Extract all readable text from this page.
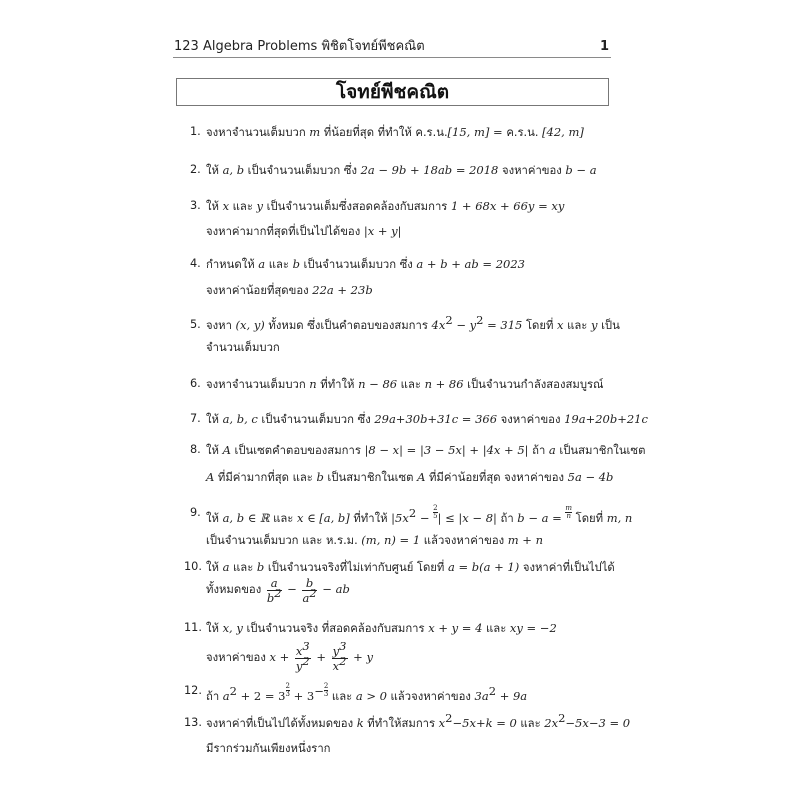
123 Algebra Problems พิชิตโจทย์พีชคณิต	1
โจทย์พีชคณิต
1. จงหาจำนวนเต็มบวก m ที่น้อยที่สุด ที่ทำให้ ค.ร.น.[15, m] = ค.ร.น. [42, m]
2. ให้ a, b เป็นจำนวนเต็มบวก ซึ่ง 2a − 9b + 18ab = 2018 จงหาค่าของ b − a
3. ให้ x และ y เป็นจำนวนเต็มซึ่งสอดคล้องกับสมการ 1 + 68x + 66y = xy
จงหาค่ามากที่สุดที่เป็นไปได้ของ |x + y|
4. กำหนดให้ a และ b เป็นจำนวนเต็มบวก ซึ่ง a + b + ab = 2023
จงหาค่าน้อยที่สุดของ 22a + 23b
5. จงหา (x, y) ทั้งหมด ซึ่งเป็นคำตอบของสมการ $4x^2 - y^2 = 315$ โดยที่ x และ y เป็น
จำนวนเต็มบวก
6. จงหาจำนวนเต็มบวก n ที่ทำให้ n − 86 และ n + 86 เป็นจำนวนกำลังสองสมบูรณ์
7. ให้ a, b, c เป็นจำนวนเต็มบวก ซึ่ง 29a+30b+31c = 366 จงหาค่าของ 19a+20b+21c
8. ให้ A เป็นเซตคำตอบของสมการ |8 − x| = |3 − 5x| + |4x + 5| ถ้า a เป็นสมาชิกในเซต
A ที่มีค่ามากที่สุด และ b เป็นสมาชิกในเซต A ที่มีค่าน้อยที่สุด จงหาค่าของ 5a − 4b
9. ให้ a, b ∈ ℝ และ x ∈ [a, b] ที่ทำให้ $|5x^2 - \frac{2}{5}$ | ≤ |x − 8| ถ้า $b - a = \frac{m}{n}$ โดยที่ m, n
เป็นจำนวนเต็มบวก และ ห.ร.ม. (m, n) = 1 แล้วจงหาค่าของ m + n
10. ให้ a และ b เป็นจำนวนจริงที่ไม่เท่ากับศูนย์ โดยที่ a = b(a + 1) จงหาค่าที่เป็นไปได้
ทั้งหมดของ $\frac{a}{b^2} - \frac{b}{a^2}$ − ab
11. ให้ x, y เป็นจำนวนจริง ที่สอดคล้องกับสมการ x + y = 4 และ xy = −2
จงหาค่าของ $x + \frac{x^3}{y^2} + \frac{y^3}{x^2} + y$
12. ถ้า $a^2 + 2 = 3 \frac{2}{3} + 3^- \frac{2}{3}$ และ a > 0 แล้วจงหาค่าของ $3a^2 + 9a$
13. จงหาค่าที่เป็นไปได้ทั้งหมดของ k ที่ทำให้สมการ $x^2-5x+k = 0$ และ $2x^2-5x-3 = 0$
มีรากร่วมกันเพียงหนึ่งราก
